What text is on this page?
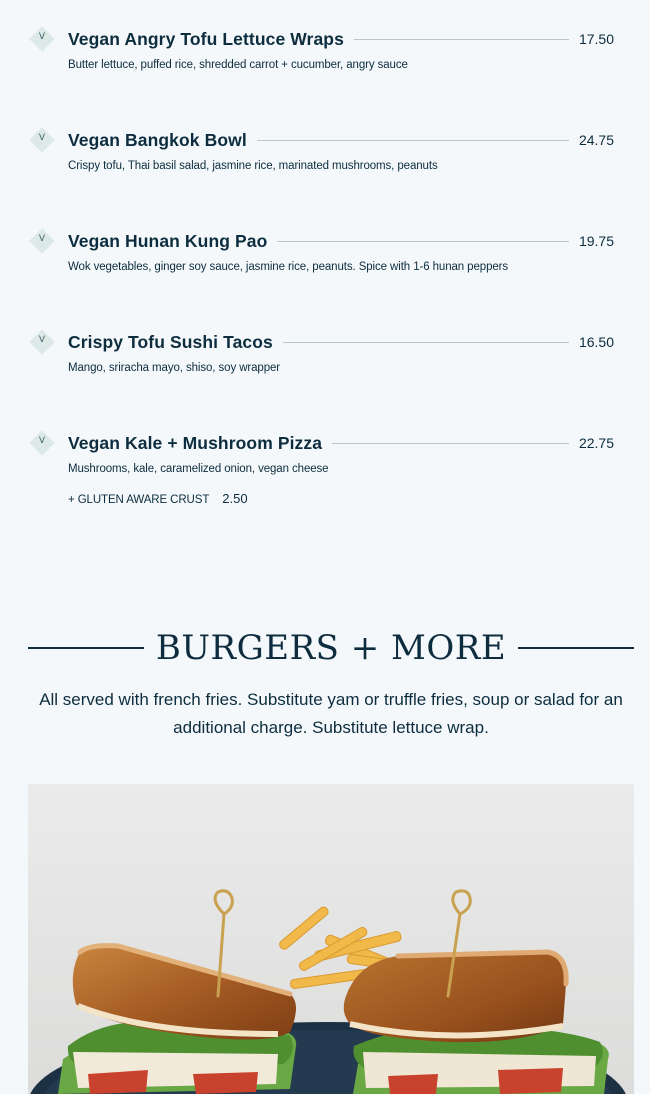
V	Vegan Angry Tofu Lettuce Wraps	17.50
Butter lettuce, puffed rice, shredded carrot + cucumber, angry sauce
V	Vegan Bangkok Bowl	24.75
Crispy tofu, Thai basil salad, jasmine rice, marinated mushrooms, peanuts
V	Vegan Hunan Kung Pao	19.75
Wok vegetables, ginger soy sauce, jasmine rice, peanuts. Spice with 1-6 hunan peppers
V	Crispy Tofu Sushi Tacos	16.50
Mango, sriracha mayo, shiso, soy wrapper
V	Vegan Kale + Mushroom Pizza	22.75
Mushrooms, kale, caramelized onion, vegan cheese
+ GLUTEN AWARE CRUST 2.50
BURGERS + MORE

All served with french fries. Substitute yam or truffle fries, soup or salad for an additional charge. Substitute lettuce wrap.
